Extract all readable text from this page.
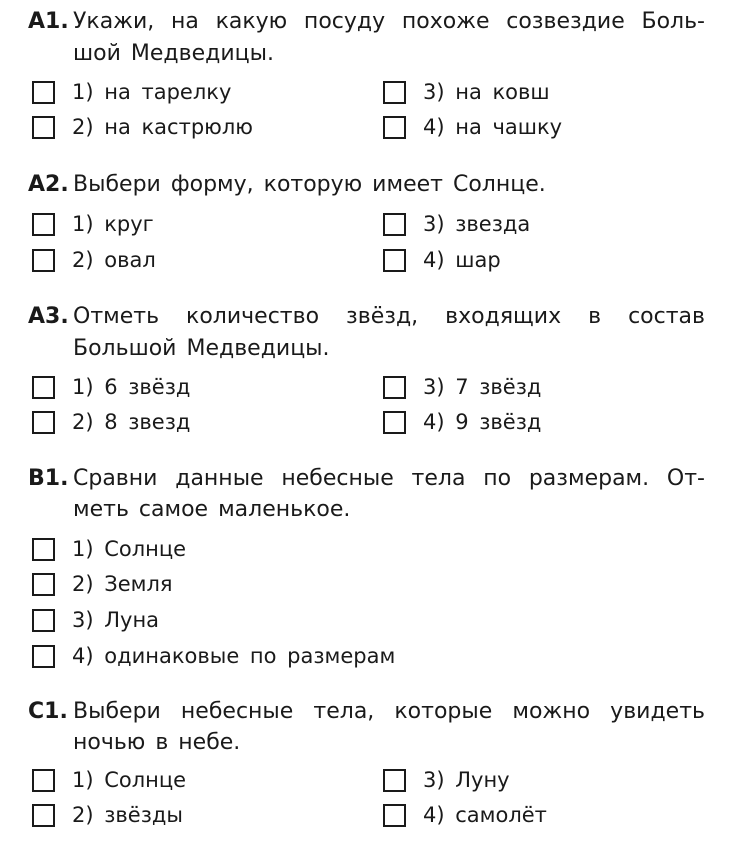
А1. Укажи, на какую посуду похоже созвездие Боль-
шой Медведицы.
1) на тарелку
2) на кастрюлю
3) на ковш
4) на чашку
А2. Выбери форму, которую имеет Солнце.
1) круг
2) овал
3) звезда
4) шар
А3. Отметь количество звёзд, входящих в состав
Большой Медведицы.
1) 6 звёзд
2) 8 звезд
3) 7 звёзд
4) 9 звёзд
В1. Сравни данные небесные тела по размерам. От-
меть самое маленькое.
1) Солнце
2) Земля
3) Луна
4) одинаковые по размерам
С1. Выбери небесные тела, которые можно увидеть
ночью в небе.
1) Солнце
2) звёзды
3) Луну
4) самолёт
